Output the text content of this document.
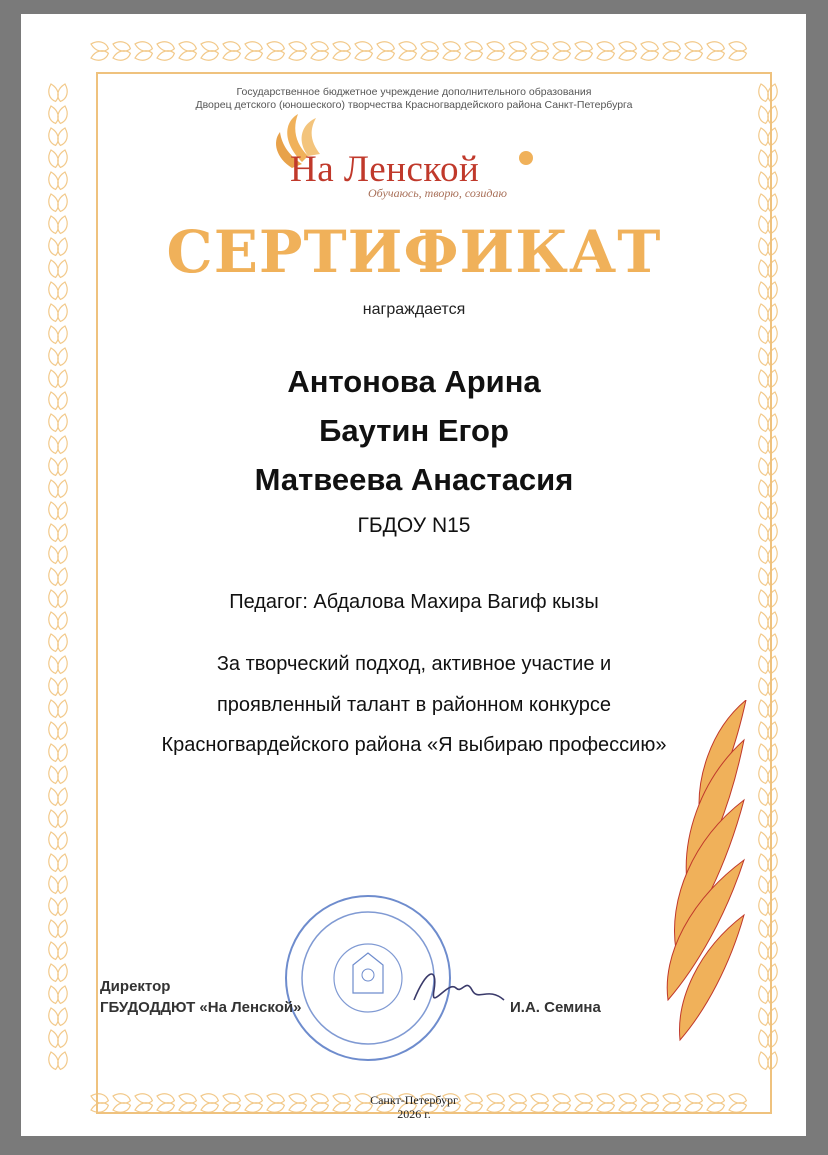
Государственное бюджетное учреждение дополнительного образования
Дворец детского (юношеского) творчества Красногвардейского района Санкт-Петербурга
На Ленской
Обучаюсь, творю, созидаю
СЕРТИФИКАТ
награждается
Антонова Арина
Баутин Егор
Матвеева Анастасия
ГБДОУ N15
Педагог: Абдалова Махира Вагиф кызы
За творческий подход, активное участие и
проявленный талант в районном конкурсе
Красногвардейского района «Я выбираю профессию»
Директор
ГБУДОДДЮТ «На Ленской»	И.А. Семина
Санкт-Петербург
2026 г.
